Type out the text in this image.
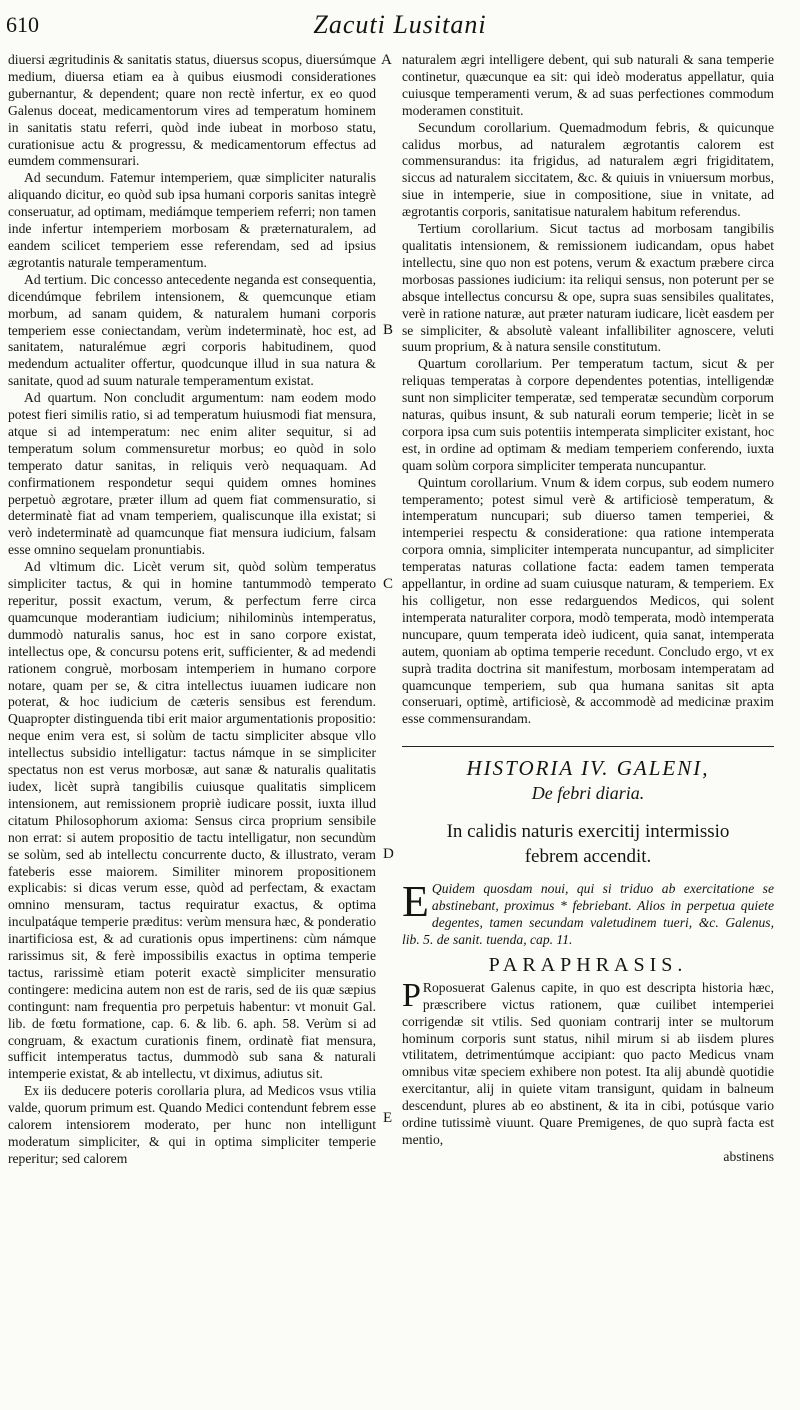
610	Zacuti Lusitani

diuersi ægritudinis & sanitatis status, diuersus scopus, diuersúmque medium, diuersa etiam ea à quibus eiusmodi considerationes gubernantur, & dependent; quare non rectè infertur, ex eo quod Galenus doceat, medicamentorum vires ad temperatum hominem in sanitatis statu referri, quòd inde iubeat in morboso statu, curationisue actu & progressu, & medicamentorum effectus ad eumdem commensurari.

Ad secundum. Fatemur intemperiem, quæ simpliciter naturalis aliquando dicitur, eo quòd sub ipsa humani corporis sanitas integrè conseruatur, ad optimam, mediámque temperiem referri; non tamen inde infertur intemperiem morbosam & præternaturalem, ad eandem scilicet temperiem esse referendam, sed ad ipsius ægrotantis naturale temperamentum.

Ad tertium. Dic concesso antecedente neganda est consequentia, dicendúmque febrilem intensionem, & quemcunque etiam morbum, ad sanam quidem, & naturalem humani corporis temperiem esse coniectandam, verùm indeterminatè, hoc est, ad sanitatem, naturalémue ægri corporis habitudinem, quod medendum actualiter offertur, quodcunque illud in sua natura & sanitate, quod ad suum naturale temperamentum existat.

Ad quartum. Non concludit argumentum: nam eodem modo potest fieri similis ratio, si ad temperatum huiusmodi fiat mensura, atque si ad intemperatum: nec enim aliter sequitur, si ad temperatum solum commensuretur morbus; eo quòd in solo temperato datur sanitas, in reliquis verò nequaquam. Ad confirmationem respondetur sequi quidem omnes homines perpetuò ægrotare, præter illum ad quem fiat commensuratio, si determinatè fiat ad vnam temperiem, qualiscunque illa existat; si verò indeterminatè ad quamcunque fiat mensura iudicium, falsam esse omnino sequelam pronuntiabis.

Ad vltimum dic. Licèt verum sit, quòd solùm temperatus simpliciter tactus, & qui in homine tantummodò temperato reperitur, possit exactum, verum, & perfectum ferre circa quamcunque moderantiam iudicium; nihilominùs intemperatus, dummodò naturalis sanus, hoc est in sano corpore existat, intellectus ope, & concursu potens erit, sufficienter, & ad medendi rationem congruè, morbosam intemperiem in humano corpore notare, quam per se, & citra intellectus iuuamen iudicare non poterat, & hoc iudicium de cæteris sensibus est ferendum. Quapropter distinguenda tibi erit maior argumentationis propositio: neque enim vera est, si solùm de tactu simpliciter absque vllo intellectus subsidio intelligatur: tactus námque in se simpliciter spectatus non est verus morbosæ, aut sanæ & naturalis qualitatis iudex, licèt suprà tangibilis cuiusque qualitatis simplicem intensionem, aut remissionem propriè iudicare possit, iuxta illud citatum Philosophorum axioma: Sensus circa proprium sensibile non errat: si autem propositio de tactu intelligatur, non secundùm se solùm, sed ab intellectu concurrente ducto, & illustrato, veram fateberis esse maiorem. Similiter minorem propositionem explicabis: si dicas verum esse, quòd ad perfectam, & exactam omnino mensuram, tactus requiratur exactus, & optima inculpatáque temperie præditus: verùm mensura hæc, & ponderatio inartificiosa est, & ad curationis opus impertinens: cùm námque rarissimus sit, & ferè impossibilis exactus in optima temperie tactus, rarissimè etiam poterit exactè simpliciter mensuratio contingere: medicina autem non est de raris, sed de iis quæ sæpius contingunt: nam frequentia pro perpetuis habentur: vt monuit Gal. lib. de fœtu formatione, cap. 6. & lib. 6. aph. 58. Verùm si ad congruam, & exactum curationis finem, ordinatè fiat mensura, sufficit intemperatus tactus, dummodò sub sana & naturali intemperie existat, & ab intellectu, vt diximus, adiutus sit.

Ex iis deducere poteris corollaria plura, ad Medicos vsus vtilia valde, quorum primum est. Quando Medici contendunt febrem esse calorem intensiorem moderato, per hunc non intelligunt moderatum simpliciter, & qui in optima simpliciter temperie reperitur; sed calorem

A
B
C
D
E

naturalem ægri intelligere debent, qui sub naturali & sana temperie continetur, quæcunque ea sit: qui ideò moderatus appellatur, quia cuiusque temperamenti verum, & ad suas perfectiones commodum moderamen constituit.

Secundum corollarium. Quemadmodum febris, & quicunque calidus morbus, ad naturalem ægrotantis calorem est commensurandus: ita frigidus, ad naturalem ægri frigiditatem, siccus ad naturalem siccitatem, &c. & quiuis in vniuersum morbus, siue in intemperie, siue in compositione, siue in vnitate, ad ægrotantis corporis, sanitatisue naturalem habitum referendus.

Tertium corollarium. Sicut tactus ad morbosam tangibilis qualitatis intensionem, & remissionem iudicandam, opus habet intellectu, sine quo non est potens, verum & exactum præbere circa morbosas passiones iudicium: ita reliqui sensus, non poterunt per se absque intellectus concursu & ope, supra suas sensibiles qualitates, verè in ratione naturæ, aut præter naturam iudicare, licèt easdem per se simpliciter, & absolutè valeant infallibiliter agnoscere, veluti suum proprium, & à natura sensile constitutum.

Quartum corollarium. Per temperatum tactum, sicut & per reliquas temperatas à corpore dependentes potentias, intelligendæ sunt non simpliciter temperatæ, sed temperatæ secundùm corporum naturas, quibus insunt, & sub naturali eorum temperie; licèt in se corpora ipsa cum suis potentiis intemperata simpliciter existant, hoc est, in ordine ad optimam & mediam temperiem conferendo, iuxta quam solùm corpora simpliciter temperata nuncupantur.

Quintum corollarium. Vnum & idem corpus, sub eodem numero temperamento; potest simul verè & artificiosè temperatum, & intemperatum nuncupari; sub diuerso tamen temperiei, & intemperiei respectu & consideratione: qua ratione intemperata corpora omnia, simpliciter intemperata nuncupantur, ad simpliciter temperatas naturas collatione facta: eadem tamen temperata appellantur, in ordine ad suam cuiusque naturam, & temperiem. Ex his colligetur, non esse redarguendos Medicos, qui solent intemperata naturaliter corpora, modò temperata, modò intemperata nuncupare, quum temperata ideò iudicent, quia sanat, intemperata autem, quoniam ab optima temperie recedunt. Concludo ergo, vt ex suprà tradita doctrina sit manifestum, morbosam intemperatam ad quamcunque temperiem, sub qua humana sanitas sit apta conseruari, optimè, artificiosè, & accommodè ad medicinæ praxim esse commensurandam.

HISTORIA IV. GALENI,
De febri diaria.
In calidis naturis exercitij intermissio febrem accendit.

E Quidem quosdam noui, qui si triduo ab exercitatione se abstinebant, proximus * febriebant. Alios in perpetua quiete degentes, tamen secundam valetudinem tueri, &c. Galenus, lib. 5. de sanit. tuenda, cap. 11.

PARAPHRASIS.

P Roposuerat Galenus capite, in quo est descripta historia hæc, præscribere victus rationem, quæ cuilibet intemperiei corrigendæ sit vtilis. Sed quoniam contrarij inter se multorum hominum corporis sunt status, nihil mirum si ab iisdem plures vtilitatem, detrimentúmque accipiant: quo pacto Medicus vnam omnibus vitæ speciem exhibere non potest. Ita alij abundè quotidie exercitantur, alij in quiete vitam transigunt, quidam in balneum descendunt, plures ab eo abstinent, & ita in cibi, potúsque vario ordine tutissimè viuunt. Quare Premigenes, de quo suprà facta est mentio,

abstinens
